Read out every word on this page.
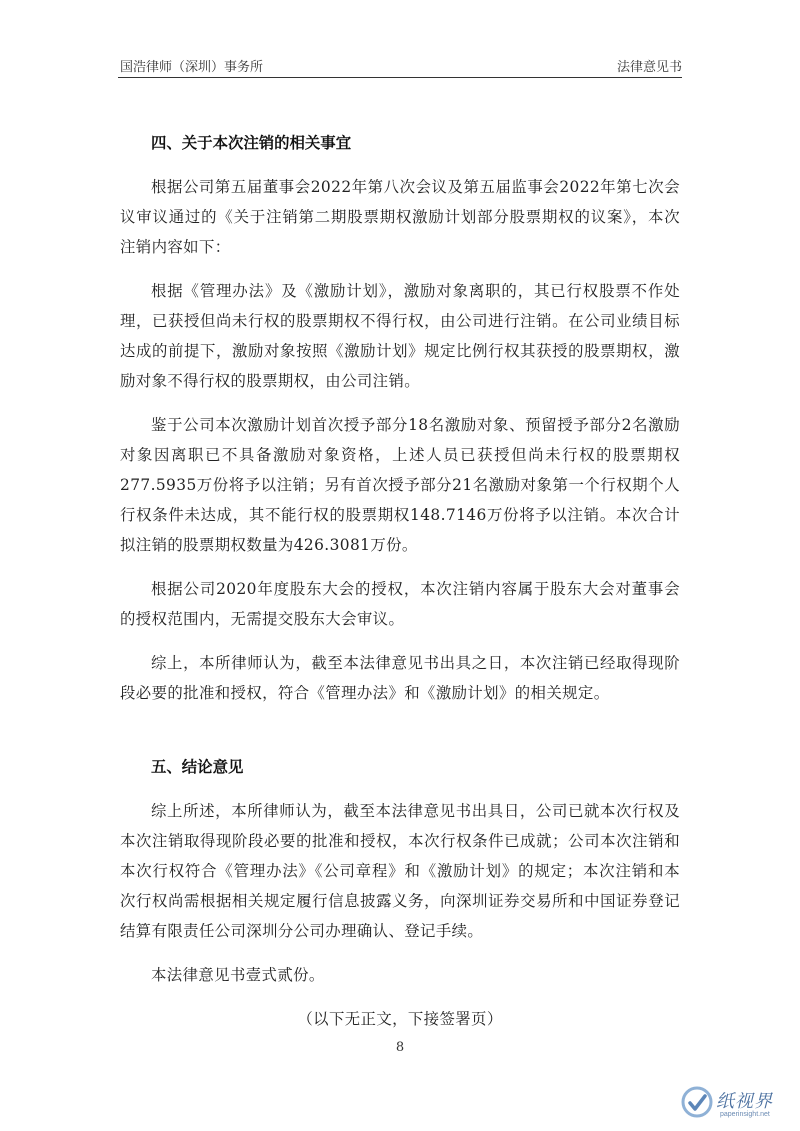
国浩律师（深圳）事务所	法律意见书

四、关于本次注销的相关事宜

根据公司第五届董事会2022年第八次会议及第五届监事会2022年第七次会议审议通过的《关于注销第二期股票期权激励计划部分股票期权的议案》，本次注销内容如下：

根据《管理办法》及《激励计划》，激励对象离职的，其已行权股票不作处理，已获授但尚未行权的股票期权不得行权，由公司进行注销。在公司业绩目标达成的前提下，激励对象按照《激励计划》规定比例行权其获授的股票期权，激励对象不得行权的股票期权，由公司注销。

鉴于公司本次激励计划首次授予部分18名激励对象、预留授予部分2名激励对象因离职已不具备激励对象资格，上述人员已获授但尚未行权的股票期权277.5935万份将予以注销；另有首次授予部分21名激励对象第一个行权期个人行权条件未达成，其不能行权的股票期权148.7146万份将予以注销。本次合计拟注销的股票期权数量为426.3081万份。

根据公司2020年度股东大会的授权，本次注销内容属于股东大会对董事会的授权范围内，无需提交股东大会审议。

综上，本所律师认为，截至本法律意见书出具之日，本次注销已经取得现阶段必要的批准和授权，符合《管理办法》和《激励计划》的相关规定。

五、结论意见

综上所述，本所律师认为，截至本法律意见书出具日，公司已就本次行权及本次注销取得现阶段必要的批准和授权，本次行权条件已成就；公司本次注销和本次行权符合《管理办法》《公司章程》和《激励计划》的规定；本次注销和本次行权尚需根据相关规定履行信息披露义务，向深圳证券交易所和中国证券登记结算有限责任公司深圳分公司办理确认、登记手续。

本法律意见书壹式贰份。

（以下无正文，下接签署页）

8
纸视界
paperinsight.net
